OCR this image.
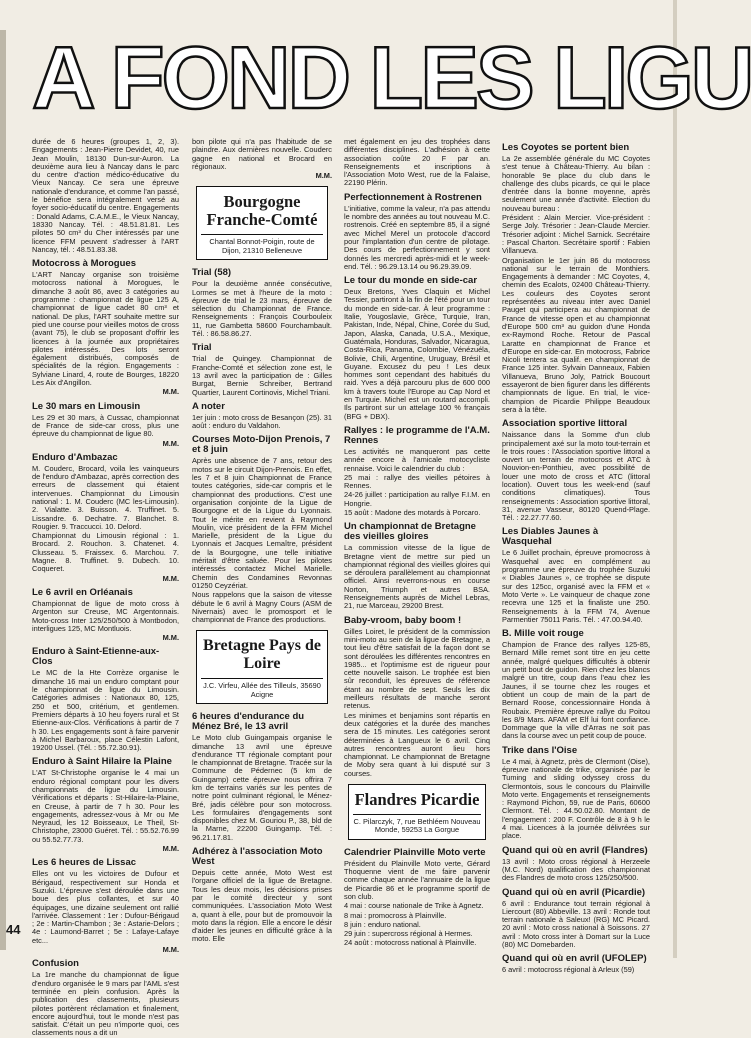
A FOND LES LIGU

durée de 6 heures (groupes 1, 2, 3). Engagements : Jean-Pierre Devidet, 40, rue Jean Moulin, 18130 Dun-sur-Auron. La deuxième aura lieu à Nancay dans le parc du centre d'action médico-éducative du Vieux Nancay. Ce sera une épreuve nationale d'endurance, et comme l'an passé, le bénéfice sera intégralement versé au foyer socio-éducatif du centre. Engagements : Donald Adams, C.A.M.E., le Vieux Nancay, 18330 Nancay. Tél. : 48.51.81.81. Les pilotes 50 cm³ du Cher intéressés par une licence FFM peuvent s'adresser à l'ART Nancay, tél. : 48.51.83.38.

Motocross à Morogues

L'ART Nancay organise son troisième motocross national à Morogues, le dimanche 3 août 86, avec 3 catégories au programme : championnat de ligue 125 A, championnat de ligue cadet 80 cm³ et national. De plus, l'ART souhaite mettre sur pied une course pour vieilles motos de cross (avant 75), le club se proposant d'offrir les licences à la journée aux propriétaires pilotes intéressés. Des lots seront également distribués, composés de spécialités de la région. Engagements : Sylviane Linard, 4, route de Bourges, 18220 Les Aix d'Angillon.

M.M.

Le 30 mars en Limousin

Les 29 et 30 mars, à Cussac, championnat de France de side-car cross, plus une épreuve du championnat de ligue 80.

M.M.

Enduro d'Ambazac

M. Couderc, Brocard, voila les vainqueurs de l'enduro d'Ambazac, après correction des erreurs de classement qui étaient intervenues. Championnat du Limousin national : 1. M. Couderc (MC les-Limousin). 2. Vialatte. 3. Buisson. 4. Truffinet. 5. Lissandre. 6. Dechatre. 7. Blanchet. 8. Rougier. 9. Traccucci. 10. Delord.

Championnat du Limousin régional : 1. Brocard. 2. Rouchon. 3. Chatenet. 4. Clusseau. 5. Fraissex. 6. Marchou. 7. Magne. 8. Truffinet. 9. Dubech. 10. Coqueret.

M.M.

Le 6 avril en Orléanais

Championnat de ligue de moto cross à Argenton sur Creuse, MC Argentonnais. Moto-cross Inter 125/250/500 à Montbodon, interligues 125, MC Montluois.

M.M.

Enduro à Saint-Etienne-aux-Clos

Le MC de la Hte Corrèze organise le dimanche 16 mai un enduro comptant pour le championnat de ligue du Limousin. Catégories admises : Nationaux 80, 125, 250 et 500, critérium, et gentlemen. Premiers départs à 10 heu foyers rural et St Etienne-aux-Clos. Vérifications à partir de 7 h 30. Les engagements sont à faire parvenir à Michel Barbaroux, place Célestin Lafont, 19200 Ussel. (Tél. : 55.72.30.91).

Enduro à Saint Hilaire la Plaine

L'AT St-Christophe organise le 4 mai un enduro régional comptant pour les divers championnats de ligue du Limousin. Vérifications et départs : St-Hilaire-la-Plaine, en Creuse, à partir de 7 h 30. Pour les engagements, adressez-vous à Mr ou Me Neyraud, les 12 Boisseaux, Le Theil, St-Christophe, 23000 Guéret. Tél. : 55.52.76.99 ou 55.52.77.73.

M.M.

Les 6 heures de Lissac

Elles ont vu les victoires de Dufour et Bérigaud, respectivement sur Honda et Suzuki. L'épreuve s'est déroulée dans une boue des plus collantes, et sur 40 équipages, une dizaine seulement ont rallié l'arrivée. Classement : 1er : Dufour-Bérigaud ; 2e : Martin-Chambon ; 3e : Astarie-Delors ; 4e : Laumond-Barret ; 5e : Lafaye-Lafaye etc...

M.M.

Confusion

La 1re manche du championnat de ligue d'enduro organisée le 9 mars par l'AML s'est terminée en plein confusion. Après la publication des classements, plusieurs pilotes portèrent réclamation et finalement, encore aujourd'hui, tout le monde n'est pas satisfait. C'était un peu n'importe quoi, ces classements nous a dit un

bon pilote qui n'a pas l'habitude de se plaindre. Aux dernières nouvelle. Couderc gagne en national et Brocard en régionaux.

M.M.

Bourgogne Franche-Comté
Chantal Bonnot-Poigin, route de Dijon, 21310 Belleneuve
Trial (58)

Pour la deuxième année consécutive, Lormes se met à l'heure de la moto : épreuve de trial le 23 mars, épreuve de sélection du Championnat de France. Renseignements : François Courbouleix 11, rue Gambetta 58600 Fourchambault. Tél. : 86.58.86.27.

Trial

Trial de Quingey. Championnat de Franche-Comté et sélection zone est, le 13 avril avec la participation de : Gilles Burgat, Bernie Schreiber, Bertrand Quartier, Laurent Cortinovis, Michel Triani.

A noter

1er juin : moto cross de Besançon (25). 31 août : enduro du Valdahon.

Courses Moto-Dijon Prenois, 7 et 8 juin

Après une absence de 7 ans, retour des motos sur le circuit Dijon-Prenois. En effet, les 7 et 8 juin Championnat de France toutes catégories, side-car compris et le championnat des productions. C'est une organisation conjointe de la Ligue de Bourgogne et de la Ligue du Lyonnais. Tout le mérite en revient à Raymond Moulin, vice président de la FFM Michel Marielle, président de la Ligue du Lyonnais et Jacques Lemaître, président de la Bourgogne, une telle initiative méritait d'être saluée. Pour les pilotes intéressés contactez Michel Marielle. Chemin des Condamines Revonnas 01250 Ceyzériat.

Nous rappelons que la saison de vitesse débute le 6 avril à Magny Cours (ASM de Nivernais) avec le promosport et le championnat de France des productions.

Bretagne Pays de Loire
J.C. Virfeu, Allée des Tilleuls, 35690 Acigne
6 heures d'endurance du Ménez Bré, le 13 avril

Le Moto club Guingampais organise le dimanche 13 avril une épreuve d'endurance TT régionale comptant pour le championnat de Bretagne. Tracée sur la Commune de Pédernec (5 km de Guingamp) cette épreuve nous offrira 7 km de terrains variés sur les pentes de notre point culminant régional, le Ménez-Bré, jadis célèbre pour son motocross. Les formulaires d'engagements sont disponibles chez M. Gouriou P., 38, bld de la Marne, 22200 Guingamp. Tél. : 96.21.17.81.

Adhérez à l'association Moto West

Depuis cette année, Moto West est l'organe officiel de la ligue de Bretagne. Tous les deux mois, les décisions prises par le comité directeur y sont communiquées. L'association Moto West a, quant à elle, pour but de promouvoir la moto dans la région. Elle a encore le désir d'aider les jeunes en difficulté grâce à la moto. Elle

met également en jeu des trophées dans différentes disciplines. L'adhésion à cette association coûte 20 F par an. Renseignements et inscriptions à l'Association Moto West, rue de la Falaise, 22190 Plérin.

Perfectionnement à Rostrenen

L'initiative, comme la valeur, n'a pas attendu le nombre des années au tout nouveau M.C. rostrenois. Créé en septembre 85, il a signé avec Michel Merel un protocole d'accord pour l'implantation d'un centre de pilotage. Des cours de perfectionnement y sont donnés les mercredi après-midi et le week-end. Tél. : 96.29.13.14 ou 96.29.39.09.

Le tour du monde en side-car

Deux Bretons, Yves Claquin et Michel Tessier, partiront à la fin de l'été pour un tour du monde en side-car. À leur programme : Italie, Yougoslavie, Grèce, Turquie, Iran, Pakistan, Inde, Népal, Chine, Corée du Sud, Japon, Alaska, Canada, U.S.A., Mexique, Guatémala, Honduras, Salvador, Nicaragua, Costa-Rica, Panama, Colombie, Vénézuéla, Bolivie, Chili, Argentine, Uruguay, Brésil et Guyane. Excusez du peu ! Les deux hommes sont cependant des habitués du raid. Yves a déjà parcouru plus de 600 000 km à travers toute l'Europe au Cap Nord et en Turquie. Michel est un routard accompli. Ils partiront sur un attelage 100 % français (BFG + DBX).

Rallyes : le programme de l'A.M. Rennes

Les activités ne manqueront pas cette année encore à l'amicale motocycliste rennaise. Voici le calendrier du club :

25 mai : rallye des vieilles pétoires à Rennes.

24-26 juillet : participation au rallye F.I.M. en Hongrie.

15 août : Madone des motards à Porcaro.

Un championnat de Bretagne des vieilles gloires

La commission vitesse de la ligue de Bretagne vient de mettre sur pied un championnat régional des vieilles gloires qui se déroulera parallèlement au championnat officiel. Ainsi reverrons-nous en course Norton, Triumph et autres BSA. Renseignements auprès de Michel Lebras, 21, rue Marceau, 29200 Brest.

Baby-vroom, baby boom !

Gilles Loiret, le président de la commission mini-moto au sein de la ligue de Bretagne, a tout lieu d'être satisfait de la façon dont se sont déroulées les différentes rencontres en 1985... et l'optimisme est de rigueur pour cette nouvelle saison. Le trophée est bien sûr reconduit, les épreuves de référence étant au nombre de sept. Seuls les dix meilleurs résultats de manche seront retenus.

Les minimes et benjamins sont répartis en deux catégories et la durée des manches sera de 15 minutes. Les catégories seront déterminées à Langueux le 6 avril. Cinq autres rencontres auront lieu hors championnat. Le championnat de Bretagne de Moby sera quant à lui disputé sur 3 courses.

Flandres Picardie
C. Pilarczyk, 7, rue Bethléem Nouveau Monde, 59253 La Gorgue
Calendrier Plainville Moto verte

Président du Plainville Moto verte, Gérard Thoquenne vient de me faire parvenir comme chaque année l'annuaire de la ligue de Picardie 86 et le programme sportif de son club.

4 mai : course nationale de Trike à Agnetz.

8 mai : promocross à Plainville.

8 juin : enduro national.

29 juin : supercross régional à Hermes.

24 août : motocross national à Plainville.

Les Coyotes se portent bien

La 2e assemblée générale du MC Coyotes s'est tenue à Château-Thierry. Au bilan : honorable 9e place du club dans le challenge des clubs picards, ce qui le place d'entrée dans la bonne moyenne, après seulement une année d'activité. Election du nouveau bureau :

Président : Alain Mercier. Vice-président : Serge Joly. Trésorier : Jean-Claude Mercier. Trésorier adjoint : Michel Sarnick. Secrétaire : Pascal Charton. Secrétaire sportif : Fabien Villanueva.

Organisation le 1er juin 86 du motocross national sur le terrain de Monthiers. Engagements à demander : MC Coyotes, 4, chemin des Ecalots, 02400 Château-Thierry. Les couleurs des Coyotes seront représentées au niveau inter avec Daniel Pauget qui participera au championnat de France de vitesse open et au championnat d'Europe 500 cm³ au guidon d'une Honda ex-Raymond Roche. Retour de Pascal Laratte en championnat de France et d'Europe en side-car. En motocross, Fabrice Nicoli tentera sa qualif. en championnat de France 125 inter. Sylvain Danneaux, Fabien Villanueva, Bruno Joly, Patrick Boucourt essayeront de bien figurer dans les différents championnats de ligue. En trial, le vice-champion de Picardie Philippe Beaudoux sera à la tête.

Association sportive littoral

Naissance dans la Somme d'un club principalement axé sur la moto tout-terrain et le trois roues : l'Association sportive littoral a ouvert un terrain de motocross et ATC à Nouvion-en-Ponthieu, avec possibilité de louer une moto de cross et ATC (littoral location). Ouvert tous les week-end (sauf conditions climatiques). Tous renseignements : Association sportive littoral, 31, avenue Vasseur, 80120 Quend-Plage. Tél. : 22.27.77.60.

Les Diables Jaunes à Wasquehal

Le 6 Juillet prochain, épreuve promocross à Wasquehal avec en complément au programme une épreuve du trophée Suzuki « Diables Jaunes », ce trophée se dispute sur des 125cc, organisé avec la FFM et « Moto Verte ». Le vainqueur de chaque zone recevra une 125 et la finaliste une 250. Renseignements à la FFM 74, Avenue Parmentier 75011 Paris. Tél. : 47.00.94.40.

B. Mille voit rouge

Champion de France des rallyes 125-85, Bernard Mille remet sont titre en jeu cette année, malgré quelques difficultés à obtenir un petit bout de guidon. Rien chez les blancs malgré un titre, coup dans l'eau chez les Jaunes, il se tourne chez les rouges et obtient un coup de main de la part de Bernard Roose, concessionnaire Honda à Roubaix. Première épreuve rallye du Poitou les 8/9 Mars. AFAM et Elf lui font confiance. Dommage que la ville d'Arras ne soit pas dans la course avec un petit coup de pouce.

Trike dans l'Oise

Le 4 mai, à Agnetz, près de Clermont (Oise), épreuve nationale de trike, organisée par le Tuming and sliding odyssey cross du Clermontois, sous le concours du Plainville Moto verte. Engagements et renseignements : Raymond Pichon, 59, rue de Paris, 60600 Clermont. Tél. : 44.50.02.80. Montant de l'engagement : 200 F. Contrôle de 8 à 9 h le 4 mai. Licences à la journée délivrées sur place.

Quand qui où en avril (Flandres)

13 avril : Moto cross régional à Herzeele (M.C. Nord) qualification des championnat des Flandres de moto cross 125/250/500.

Quand qui où en avril (Picardie)

6 avril : Endurance tout terrain régional à Liercourt (80) Abbeville. 13 avril : Ronde tout terrain nationale à Saleux! (RG) MC Picard. 20 avril : Moto cross national à Soissons. 27 avril : Moto cross inter à Domart sur la Luce (80) MC Domebarden.

Quand qui où en avril (UFOLEP)

6 avril : motocross régional à Arleux (59)

44
